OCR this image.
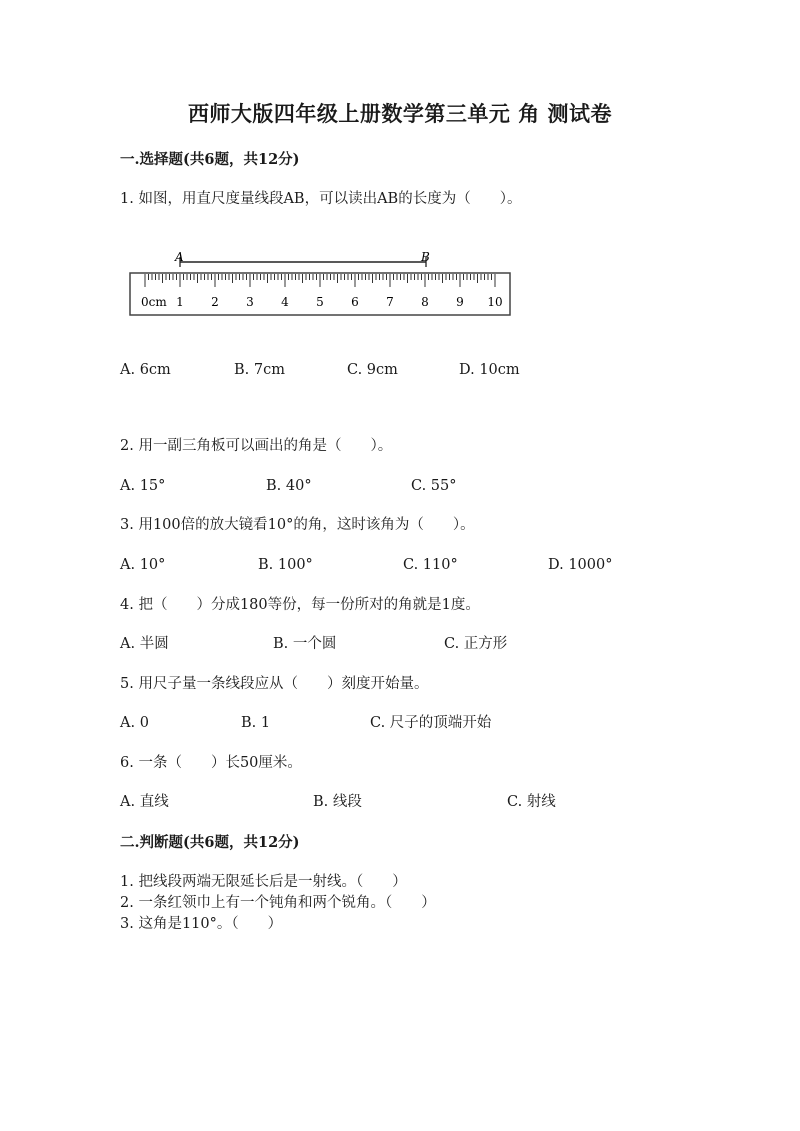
西师大版四年级上册数学第三单元 角 测试卷
一.选择题(共6题，共12分)
1. 如图，用直尺度量线段AB，可以读出AB的长度为（　　）。
A	B
0cm 1 2 3 4 5 6 7 8 9 10
A. 6cm	B. 7cm	C. 9cm	D. 10cm
2. 用一副三角板可以画出的角是（　　）。
A. 15°	B. 40°	C. 55°
3. 用100倍的放大镜看10°的角，这时该角为（　　）。
A. 10°	B. 100°	C. 110°	D. 1000°
4. 把（　　）分成180等份，每一份所对的角就是1度。
A. 半圆	B. 一个圆	C. 正方形
5. 用尺子量一条线段应从（　　）刻度开始量。
A. 0	B. 1	C. 尺子的顶端开始
6. 一条（　　）长50厘米。
A. 直线	B. 线段	C. 射线
二.判断题(共6题，共12分)
1. 把线段两端无限延长后是一射线。（　　）
2. 一条红领巾上有一个钝角和两个锐角。（　　）
3. 这角是110°。（　　）
